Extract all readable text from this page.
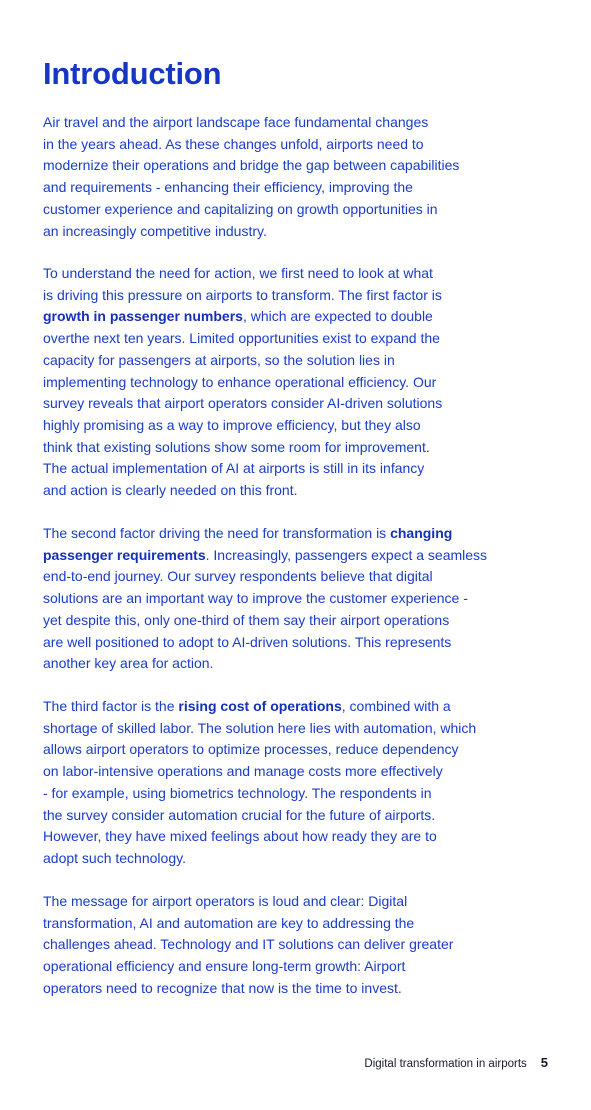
Introduction

Air travel and the airport landscape face fundamental changes
in the years ahead. As these changes unfold, airports need to
modernize their operations and bridge the gap between capabilities
and requirements - enhancing their efficiency, improving the
customer experience and capitalizing on growth opportunities in
an increasingly competitive industry.

To understand the need for action, we first need to look at what
is driving this pressure on airports to transform. The first factor is
growth in passenger numbers, which are expected to double
overthe next ten years. Limited opportunities exist to expand the
capacity for passengers at airports, so the solution lies in
implementing technology to enhance operational efficiency. Our
survey reveals that airport operators consider AI-driven solutions
highly promising as a way to improve efficiency, but they also
think that existing solutions show some room for improvement.
The actual implementation of AI at airports is still in its infancy
and action is clearly needed on this front.

The second factor driving the need for transformation is changing
passenger requirements. Increasingly, passengers expect a seamless
end-to-end journey. Our survey respondents believe that digital
solutions are an important way to improve the customer experience -
yet despite this, only one-third of them say their airport operations
are well positioned to adopt to AI-driven solutions. This represents
another key area for action.

The third factor is the rising cost of operations, combined with a
shortage of skilled labor. The solution here lies with automation, which
allows airport operators to optimize processes, reduce dependency
on labor-intensive operations and manage costs more effectively
- for example, using biometrics technology. The respondents in
the survey consider automation crucial for the future of airports.
However, they have mixed feelings about how ready they are to
adopt such technology.

The message for airport operators is loud and clear: Digital
transformation, AI and automation are key to addressing the
challenges ahead. Technology and IT solutions can deliver greater
operational efficiency and ensure long-term growth: Airport
operators need to recognize that now is the time to invest.

Digital transformation in airports 5
